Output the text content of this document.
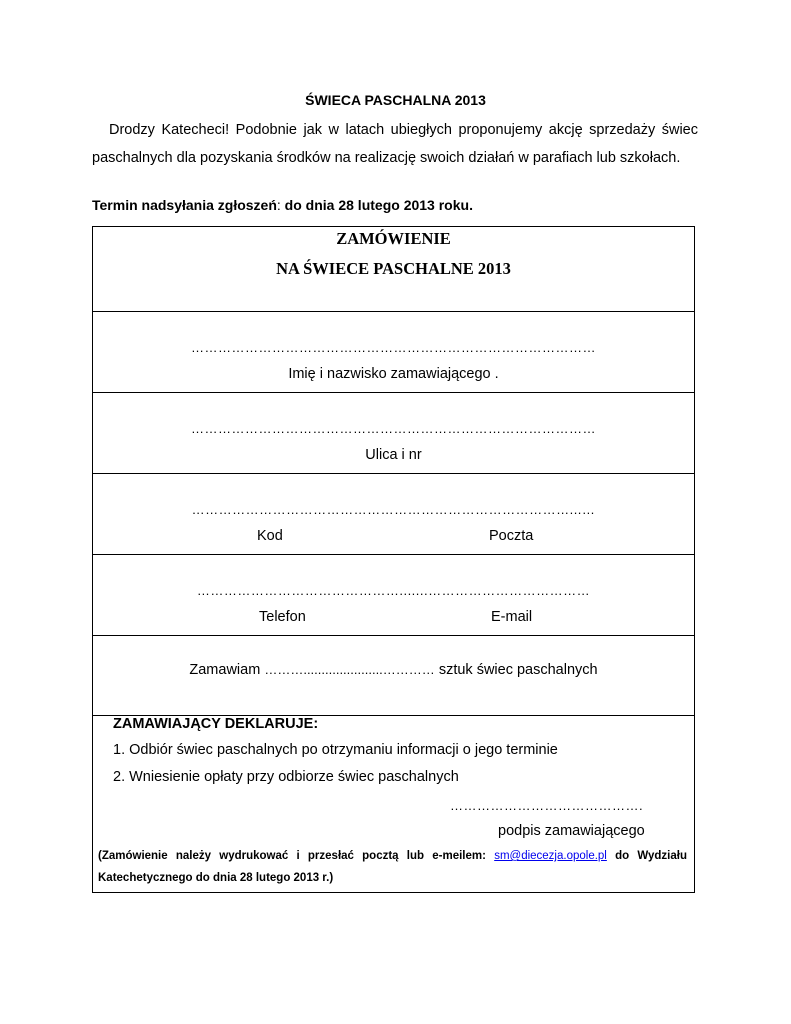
ŚWIECA PASCHALNA 2013

Drodzy Katecheci! Podobnie jak w latach ubiegłych proponujemy akcję sprzedaży świec paschalnych dla pozyskania środków na realizację swoich działań w parafiach lub szkołach.

Termin nadsyłania zgłoszeń: do dnia 28 lutego 2013 roku.
ZAMÓWIENIE
NA ŚWIECE PASCHALNE 2013
………………………………………………………………………………
Imię i nazwisko zamawiającego .
………………………………………………………………………………
Ulica i nr
…………………………………………………………………………...…
Kod	Poczta
……………………………………….......………………………………
Telefon	E-mail
Zamawiam ………......................………… sztuk świec paschalnych
ZAMAWIAJĄCY DEKLARUJE:
1. Odbiór świec paschalnych po otrzymaniu informacji o jego terminie
2. Wniesienie opłaty przy odbiorze świec paschalnych
…………………………………….
podpis zamawiającego
(Zamówienie należy wydrukować i przesłać pocztą lub e-meilem: sm@diecezja.opole.pl do Wydziału Katechetycznego do dnia 28 lutego 2013 r.)
